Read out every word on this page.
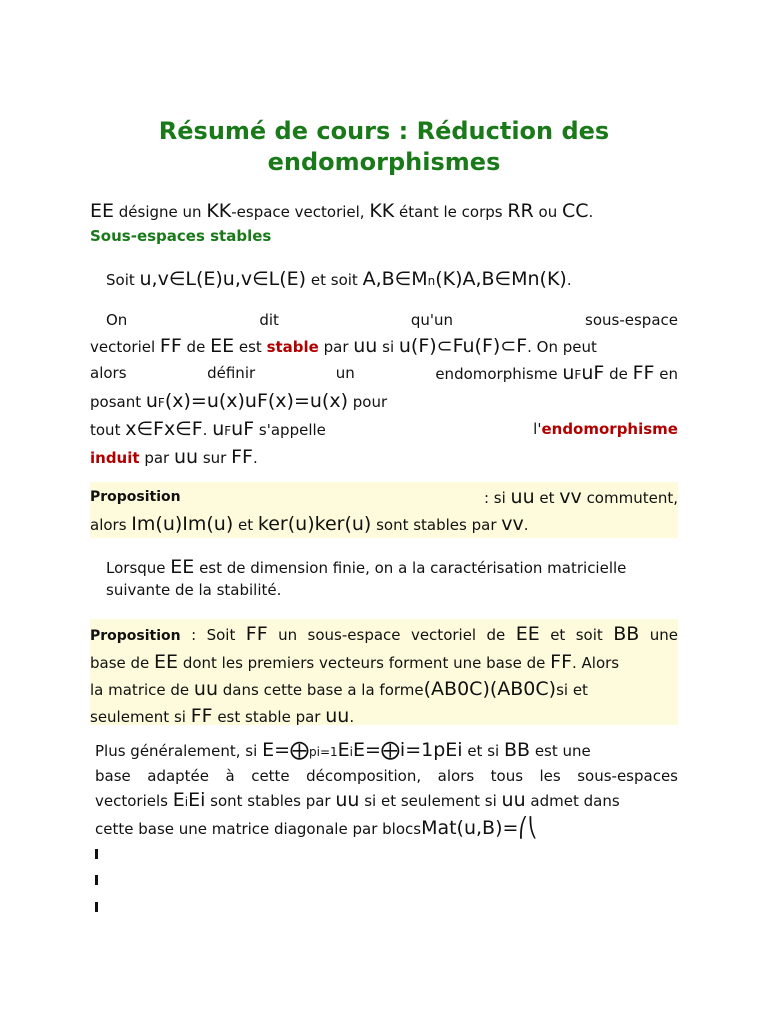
Résumé de cours : Réduction des endomorphismes
EE désigne un KK-espace vectoriel, KK étant le corps RR ou CC.
Sous-espaces stables
Soit u,v∈L(E)u,v∈L(E) et soit A,B∈Mn(K)A,B∈Mn(K).
On	dit	qu'un	sous-espace
vectoriel FF de EE est stable par uu si u(F)⊂Fu(F)⊂F. On peut
alors	définir	un	endomorphisme uFuF de FF en
posant uF(x)=u(x)uF(x)=u(x) pour
tout x∈Fx∈F. uFuF s'appelle	l'endomorphisme
induit par uu sur FF.
Proposition	: si uu et vv commutent,
alors Im(u)Im(u) et ker(u)ker(u) sont stables par vv.
Lorsque EE est de dimension finie, on a la caractérisation matricielle suivante de la stabilité.
Proposition : Soit FF un sous-espace vectoriel de EE et soit BB une
base de EE dont les premiers vecteurs forment une base de FF. Alors
la matrice de uu dans cette base a la forme(AB0C)(AB0C)si et
seulement si FF est stable par uu.
Plus généralement, si E=⨁pi=1EiE=⨁i=1pEi et si BB est une
base adaptée à cette décomposition, alors tous les sous-espaces
vectoriels EiEi sont stables par uu si et seulement si uu admet dans
cette base une matrice diagonale par blocsMat(u,B)=⎛⎝
